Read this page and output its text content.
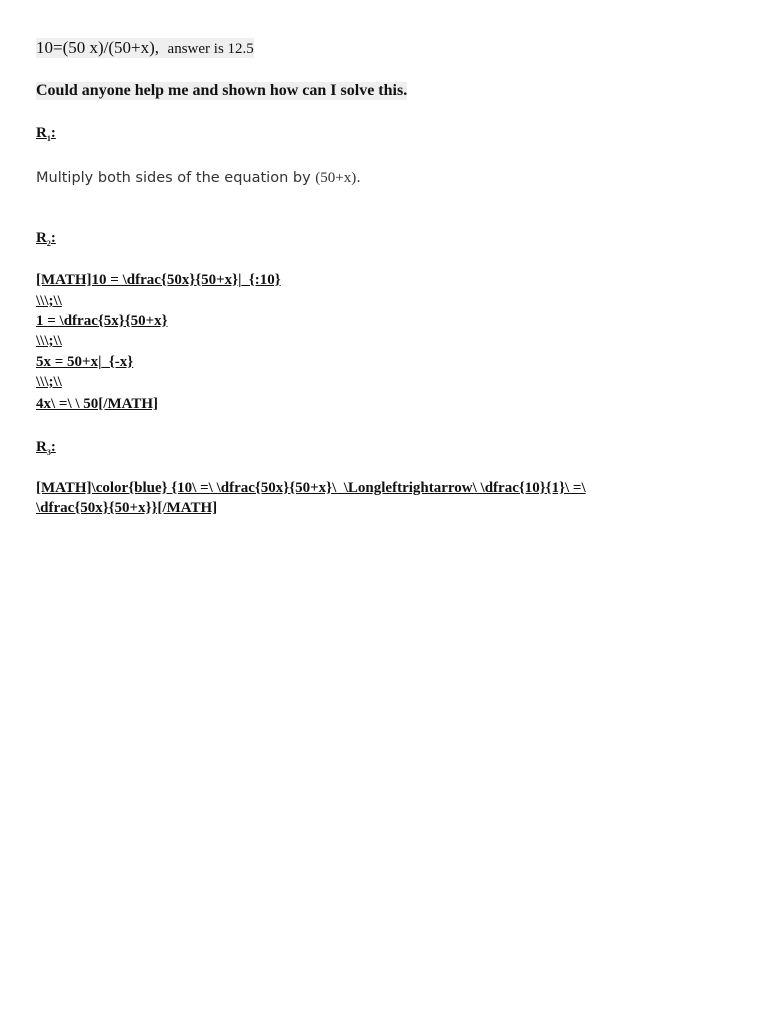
10=(50 x)/(50+x), answer is 12.5
Could anyone help me and shown how can I solve this.
$R_1$:
Multiply both sides of the equation by (50+x).
$R_2$:
[MATH]10 = \dfrac{50x}{50+x}|_{:10}
\\\;\\
1 = \dfrac{5x}{50+x}
\\\;\\
5x = 50+x|_{-x}
\\\;\\
4x\ =\ \ 50[/MATH]
$R_3$:
[MATH]\color{blue} {10\ =\ \dfrac{50x}{50+x}\  \Longleftrightarrow\ \dfrac{10}{1}\ =\
\dfrac{50x}{50+x}}[/MATH]
